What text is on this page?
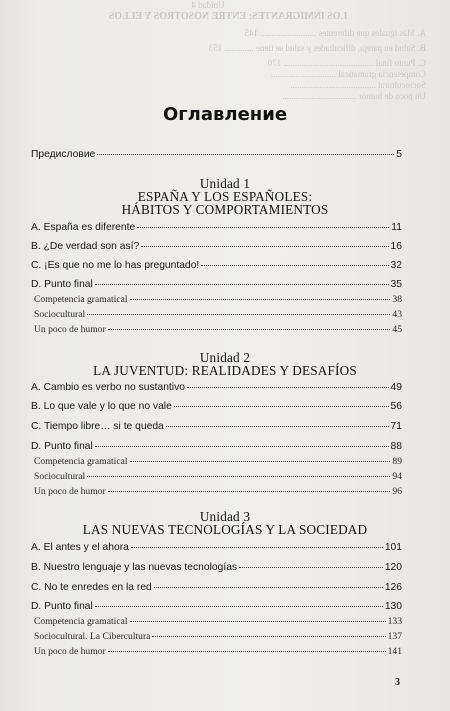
Unidad 4
LOS INMIGRANTES: ENTRE NOSOTROS Y ELLOS
A. Más iguales que diferentes ......................... 145
B. Salud en pareja, dificultades y salud se tiene ............. 153
C. Punto final ........................................ 170
Competencia gramatical .............................
Sociocultural ......................................
Un poco de humor .................................
Оглавление
Предисловие	5
Unidad 1
ESPAÑA Y LOS ESPAÑOLES:
HÁBITOS Y COMPORTAMIENTOS
A. España es diferente	11
B. ¿De verdad son así?	16
C. ¡Es que no me lo has preguntado!	32
D. Punto final	35
Competencia gramatical	38
Sociocultural	43
Un poco de humor	45
Unidad 2
LA JUVENTUD: REALIDADES Y DESAFÍOS
A. Cambio es verbo no sustantivo	49
B. Lo que vale y lo que no vale	56
C. Tiempo libre… si te queda	71
D. Punto final	88
Competencia gramatical	89
Sociocultural	94
Un poco de humor	96
Unidad 3
LAS NUEVAS TECNOLOGÍAS Y LA SOCIEDAD
A. El antes y el ahora	101
B. Nuestro lenguaje y las nuevas tecnologías	120
C. No te enredes en la red	126
D. Punto final	130
Competencia gramatical	133
Sociocultural. La Cibercultura	137
Un poco de humor	141
3
